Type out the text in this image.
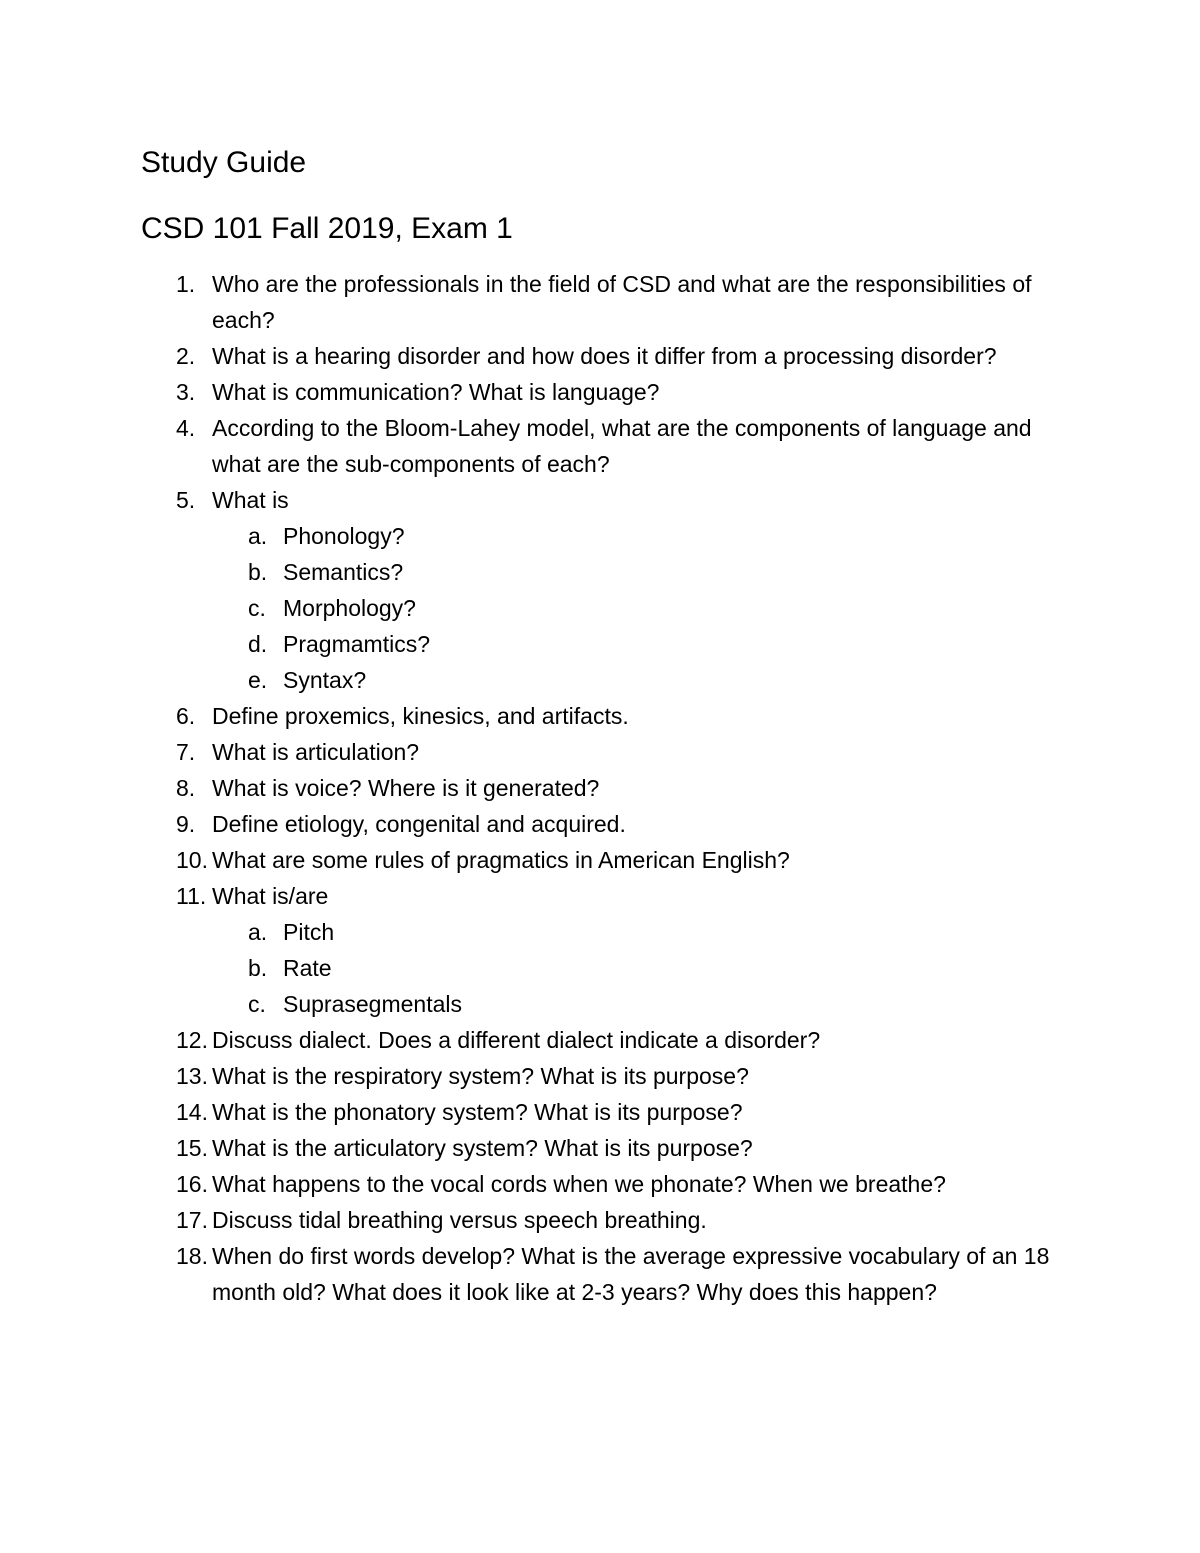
Study Guide
CSD 101 Fall 2019, Exam 1
1. Who are the professionals in the field of CSD and what are the responsibilities of each?
2. What is a hearing disorder and how does it differ from a processing disorder?
3. What is communication? What is language?
4. According to the Bloom-Lahey model, what are the components of language and what are the sub-components of each?
5. What is
a. Phonology?
b. Semantics?
c. Morphology?
d. Pragmamtics?
e. Syntax?
6. Define proxemics, kinesics, and artifacts.
7. What is articulation?
8. What is voice? Where is it generated?
9. Define etiology, congenital and acquired.
10. What are some rules of pragmatics in American English?
11. What is/are
a. Pitch
b. Rate
c. Suprasegmentals
12. Discuss dialect. Does a different dialect indicate a disorder?
13. What is the respiratory system? What is its purpose?
14. What is the phonatory system? What is its purpose?
15. What is the articulatory system? What is its purpose?
16. What happens to the vocal cords when we phonate? When we breathe?
17. Discuss tidal breathing versus speech breathing.
18. When do first words develop? What is the average expressive vocabulary of an 18 month old? What does it look like at 2-3 years? Why does this happen?
